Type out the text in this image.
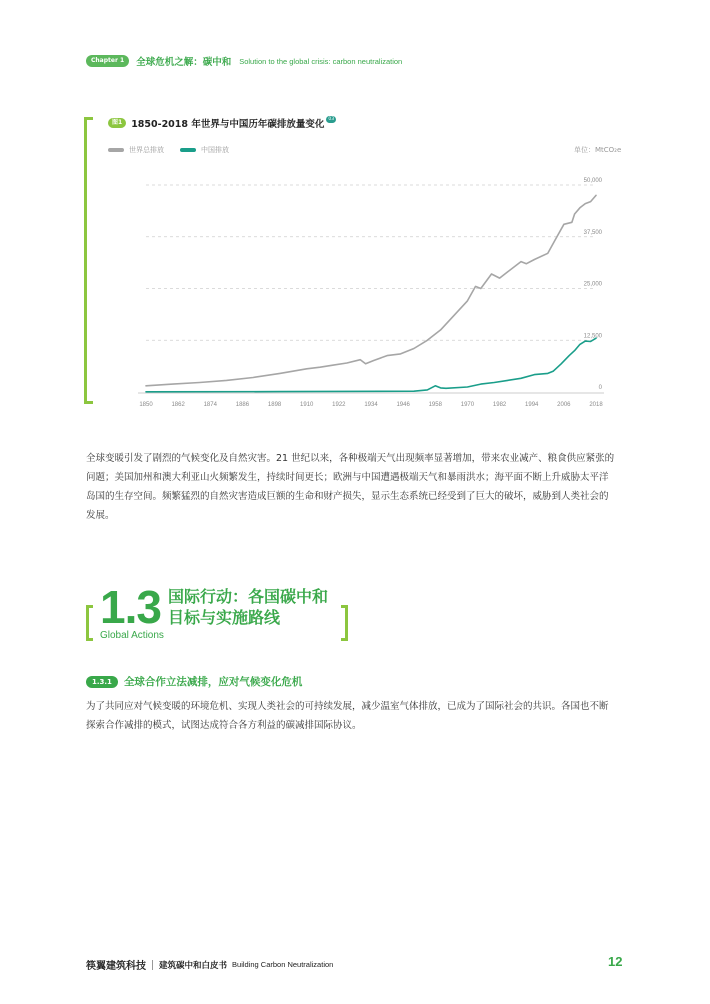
Chapter 1	全球危机之解：碳中和 Solution to the global crisis: carbon neutralization
图1 1850-2018 年世界与中国历年碳排放量变化 03
世界总排放	中国排放	单位：MtCO₂e
0
12,500
25,000
37,500
50,000
1850	1862	1874	1886	1898	1910	1922	1934	1946	1958	1970	1982	1994	2006	2018
全球变暖引发了剧烈的气候变化及自然灾害。21 世纪以来，各种极端天气出现频率显著增加，带来农业减产、粮食供应紧张的问题；美国加州和澳大利亚山火频繁发生，持续时间更长；欧洲与中国遭遇极端天气和暴雨洪水；海平面不断上升威胁太平洋岛国的生存空间。频繁猛烈的自然灾害造成巨额的生命和财产损失，显示生态系统已经受到了巨大的破坏，威胁到人类社会的发展。
1.3
Global Actions
国际行动：各国碳中和
目标与实施路线
1.3.1	全球合作立法减排，应对气候变化危机
为了共同应对气候变暖的环境危机、实现人类社会的可持续发展，减少温室气体排放，已成为了国际社会的共识。各国也不断探索合作减排的模式，试图达成符合各方利益的碳减排国际协议。
筷翼建筑科技 建筑碳中和白皮书 Building Carbon Neutralization	12
